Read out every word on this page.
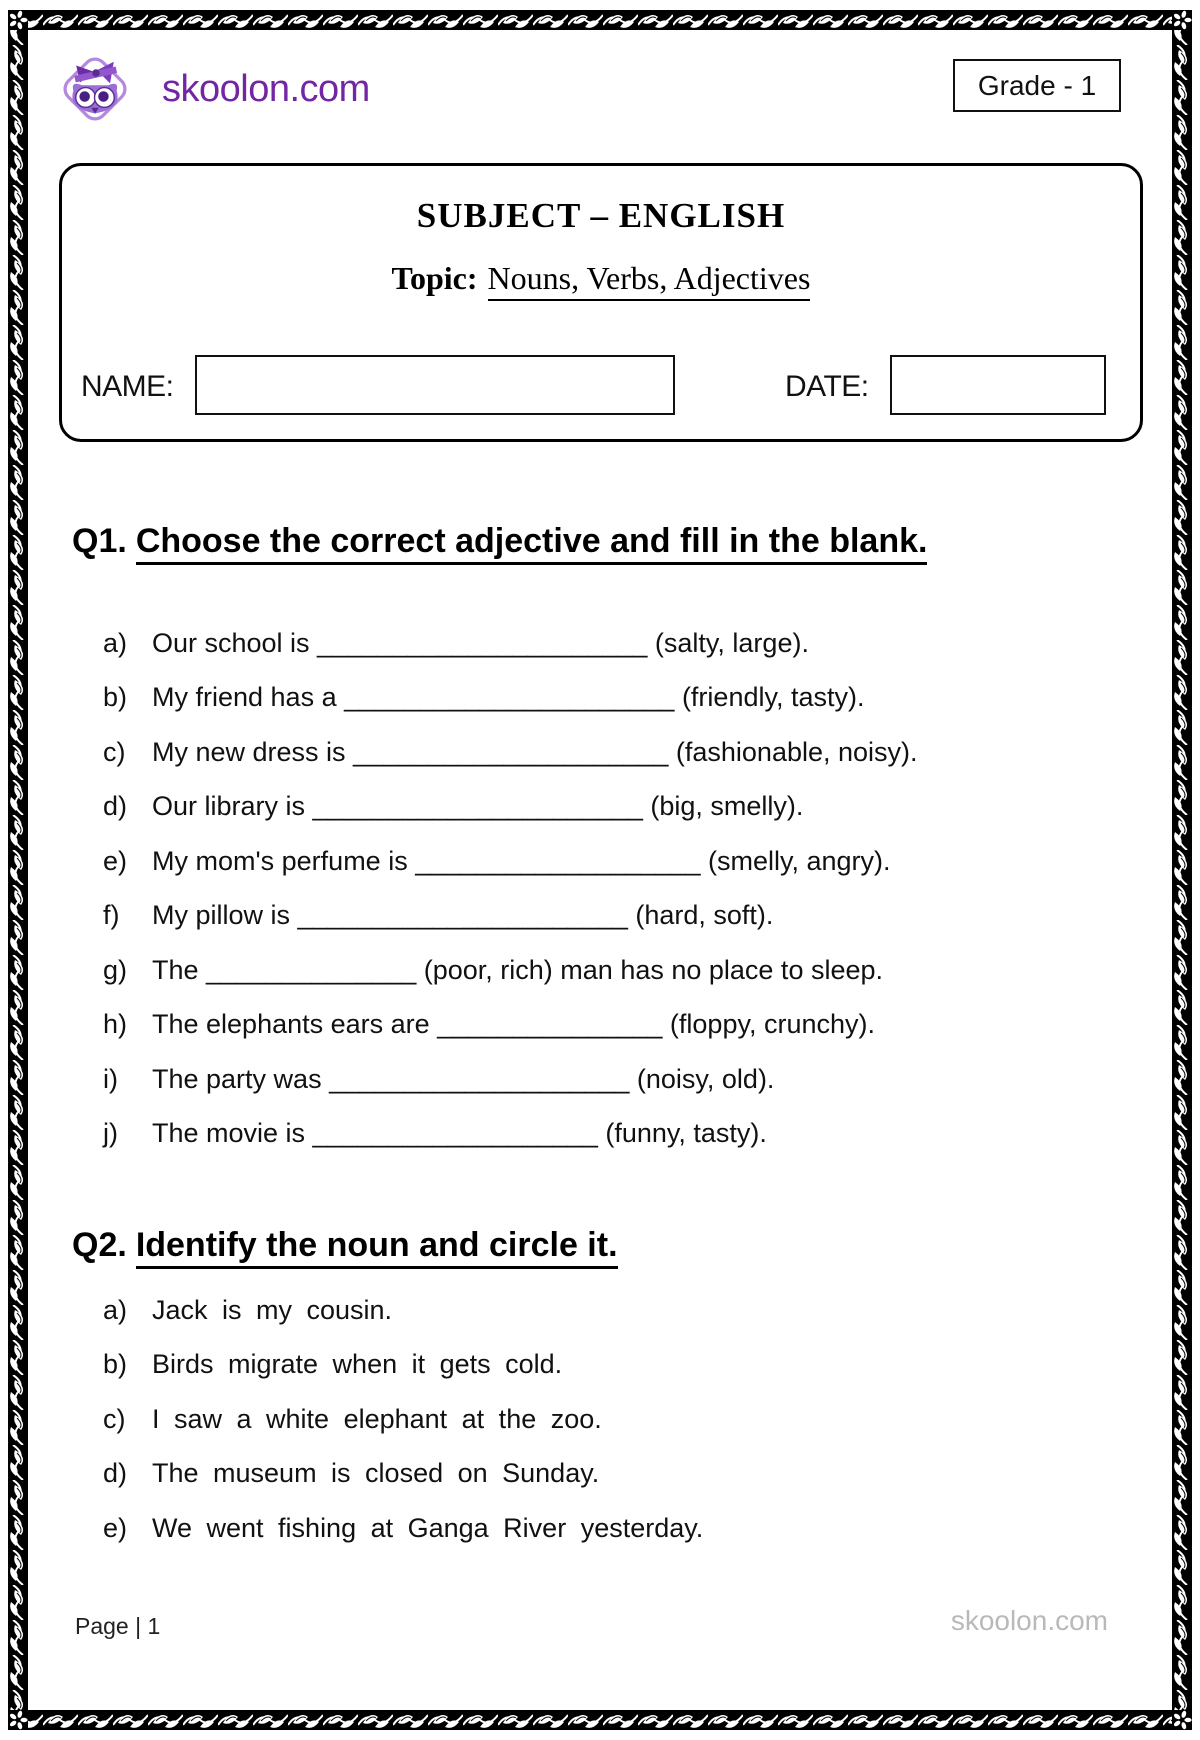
skoolon.com	Grade - 1
SUBJECT – ENGLISH
Topic: Nouns, Verbs, Adjectives
NAME:	DATE:
Q1. Choose the correct adjective and fill in the blank.
a) Our school is ______________________ (salty, large).
b) My friend has a ______________________ (friendly, tasty).
c) My new dress is _____________________ (fashionable, noisy).
d) Our library is ______________________ (big, smelly).
e) My mom's perfume is ___________________ (smelly, angry).
f)	My pillow is ______________________ (hard, soft).
g) The ______________ (poor, rich) man has no place to sleep.
h) The elephants ears are _______________ (floppy, crunchy).
i)	The party was ____________________ (noisy, old).
j)	The movie is ___________________ (funny, tasty).
Q2. Identify the noun and circle it.
a) Jack is my cousin.
b) Birds migrate when it gets cold.
c) I saw a white elephant at the zoo.
d) The museum is closed on Sunday.
e) We went fishing at Ganga River yesterday.
Page | 1	skoolon.com
